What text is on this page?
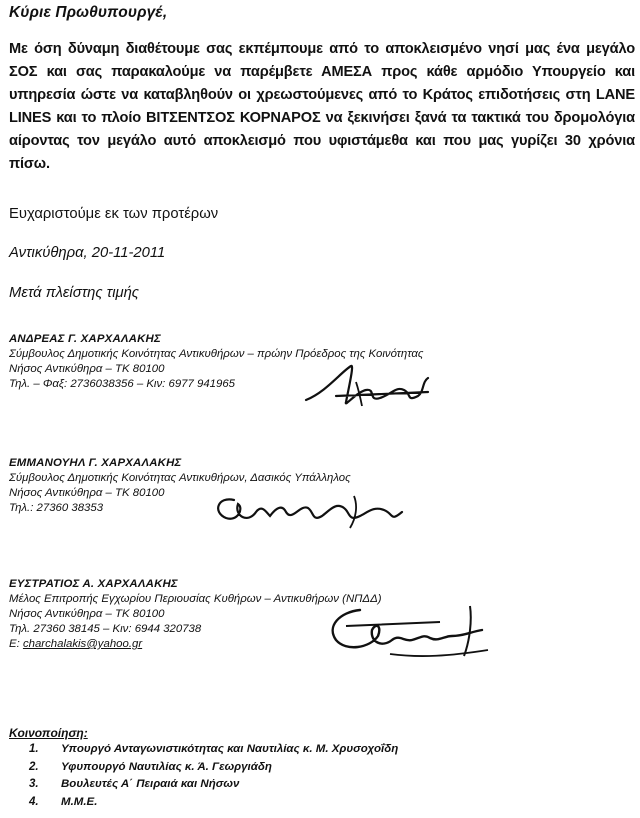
Κύριε Πρωθυπουργέ,

Με όση δύναμη διαθέτουμε σας εκπέμπουμε από το αποκλεισμένο νησί μας ένα μεγάλο ΣΟΣ και σας παρακαλούμε να παρέμβετε ΑΜΕΣΑ προς κάθε αρμόδιο Υπουργείο και υπηρεσία ώστε να καταβληθούν οι χρεωστούμενες από το Κράτος επιδοτήσεις στη LANE LINES και το πλοίο ΒΙΤΣΕΝΤΣΟΣ ΚΟΡΝΑΡΟΣ να ξεκινήσει ξανά τα τακτικά του δρομολόγια αίροντας τον μεγάλο αυτό αποκλεισμό που υφιστάμεθα και που μας γυρίζει 30 χρόνια πίσω.

Ευχαριστούμε εκ των προτέρων

Αντικύθηρα, 20-11-2011

Μετά πλείστης τιμής

ΑΝΔΡΕΑΣ Γ. ΧΑΡΧΑΛΑΚΗΣ
Σύμβουλος Δημοτικής Κοινότητας Αντικυθήρων – πρώην Πρόεδρος της Κοινότητας
Νήσος Αντικύθηρα – ΤΚ 80100
Τηλ. – Φαξ: 2736038356 – Κιν: 6977 941965
ΕΜΜΑΝΟΥΗΛ Γ. ΧΑΡΧΑΛΑΚΗΣ
Σύμβουλος Δημοτικής Κοινότητας Αντικυθήρων, Δασικός Υπάλληλος
Νήσος Αντικύθηρα – ΤΚ 80100
Τηλ.: 27360 38353
ΕΥΣΤΡΑΤΙΟΣ Α. ΧΑΡΧΑΛΑΚΗΣ
Μέλος Επιτροπής Εγχωρίου Περιουσίας Κυθήρων – Αντικυθήρων (ΝΠΔΔ)
Νήσος Αντικύθηρα – ΤΚ 80100
Τηλ. 27360 38145 – Κιν: 6944 320738
E: charchalakis@yahoo.gr

Κοινοποίηση:

1.	Υπουργό Ανταγωνιστικότητας και Ναυτιλίας κ. Μ. Χρυσοχοΐδη
2.	Υφυπουργό Ναυτιλίας κ. Ά. Γεωργιάδη
3.	Βουλευτές Α΄ Πειραιά και Νήσων
4.	Μ.Μ.Ε.
